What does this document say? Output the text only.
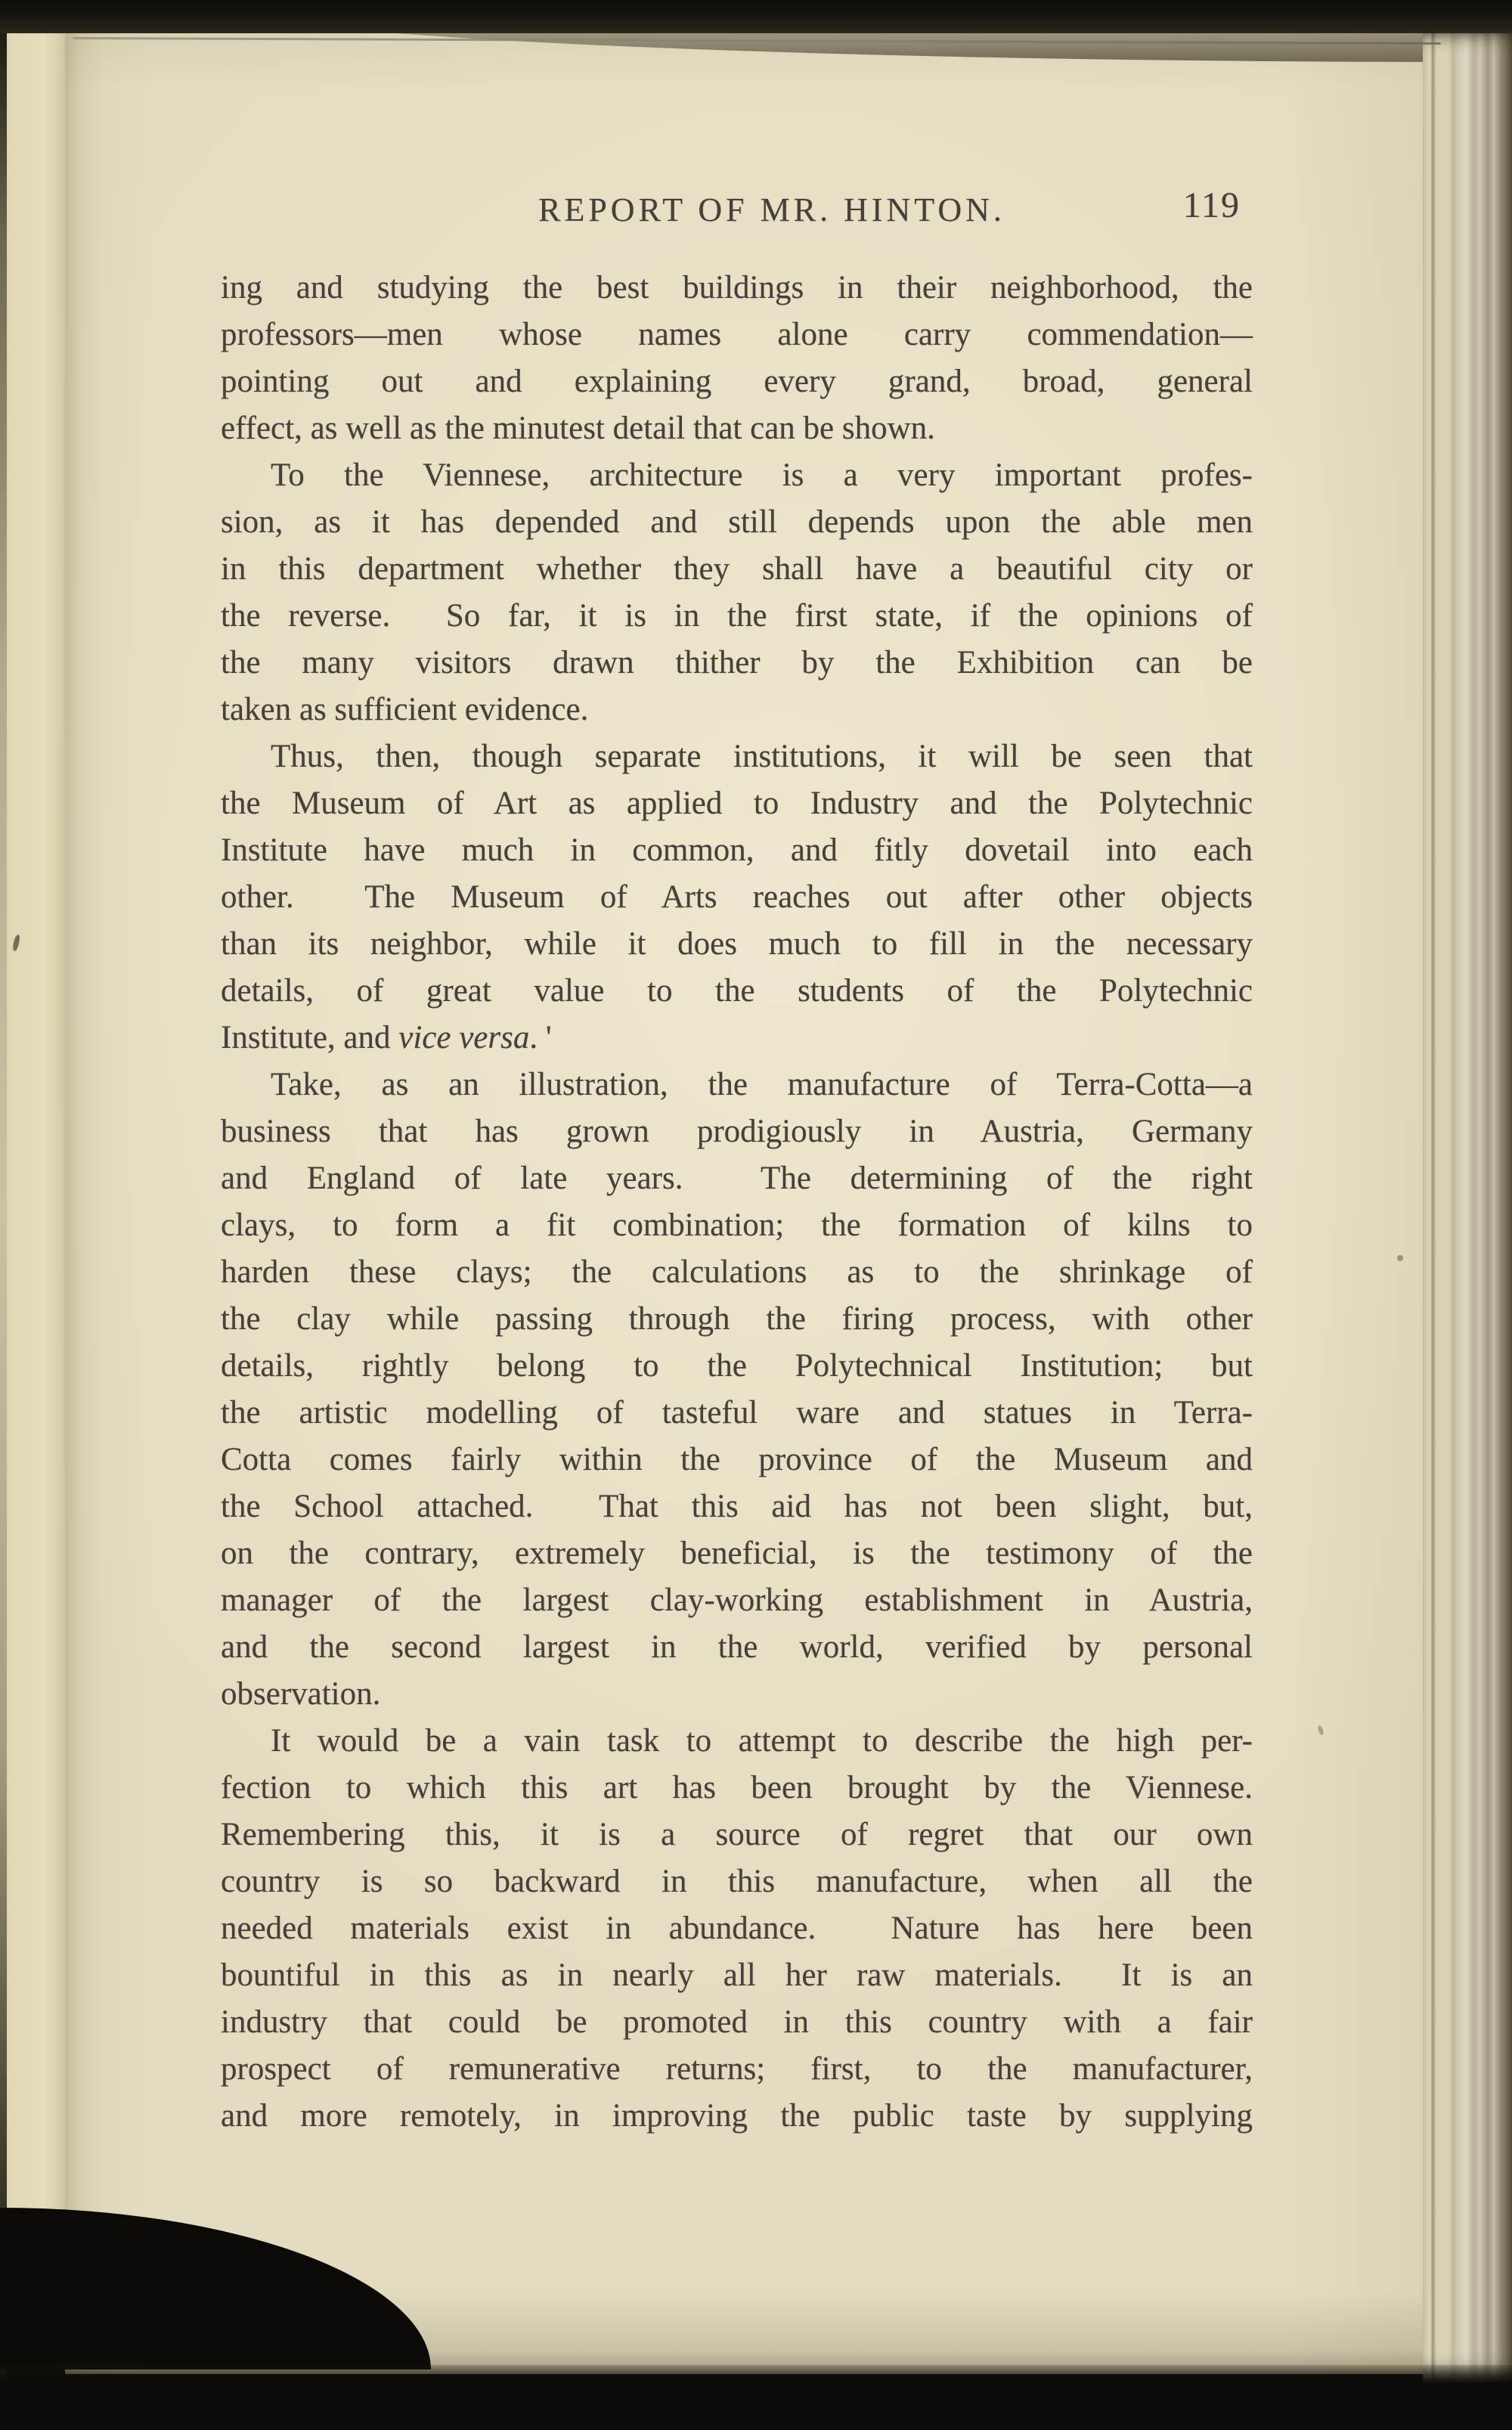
REPORT OF MR. HINTON.	119
ing and studying the best buildings in their neighborhood, the
professors—men whose names alone carry commendation—
pointing out and explaining every grand, broad, general
effect, as well as the minutest detail that can be shown.
To the Viennese, architecture is a very important profes-
sion, as it has depended and still depends upon the able men
in this department whether they shall have a beautiful city or
the reverse.  So far, it is in the first state, if the opinions of
the many visitors drawn thither by the Exhibition can be
taken as sufficient evidence.
Thus, then, though separate institutions, it will be seen that
the Museum of Art as applied to Industry and the Polytechnic
Institute have much in common, and fitly dovetail into each
other.  The Museum of Arts reaches out after other objects
than its neighbor, while it does much to fill in the necessary
details, of great value to the students of the Polytechnic
Institute, and vice versa. '
Take, as an illustration, the manufacture of Terra-Cotta—a
business that has grown prodigiously in Austria, Germany
and England of late years.  The determining of the right
clays, to form a fit combination; the formation of kilns to
harden these clays; the calculations as to the shrinkage of
the clay while passing through the firing process, with other
details, rightly belong to the Polytechnical Institution; but
the artistic modelling of tasteful ware and statues in Terra-
Cotta comes fairly within the province of the Museum and
the School attached.  That this aid has not been slight, but,
on the contrary, extremely beneficial, is the testimony of the
manager of the largest clay-working establishment in Austria,
and the second largest in the world, verified by personal
observation.
It would be a vain task to attempt to describe the high per-
fection to which this art has been brought by the Viennese.
Remembering this, it is a source of regret that our own
country is so backward in this manufacture, when all the
needed materials exist in abundance.  Nature has here been
bountiful in this as in nearly all her raw materials.  It is an
industry that could be promoted in this country with a fair
prospect of remunerative returns; first, to the manufacturer,
and more remotely, in improving the public taste by supplying
